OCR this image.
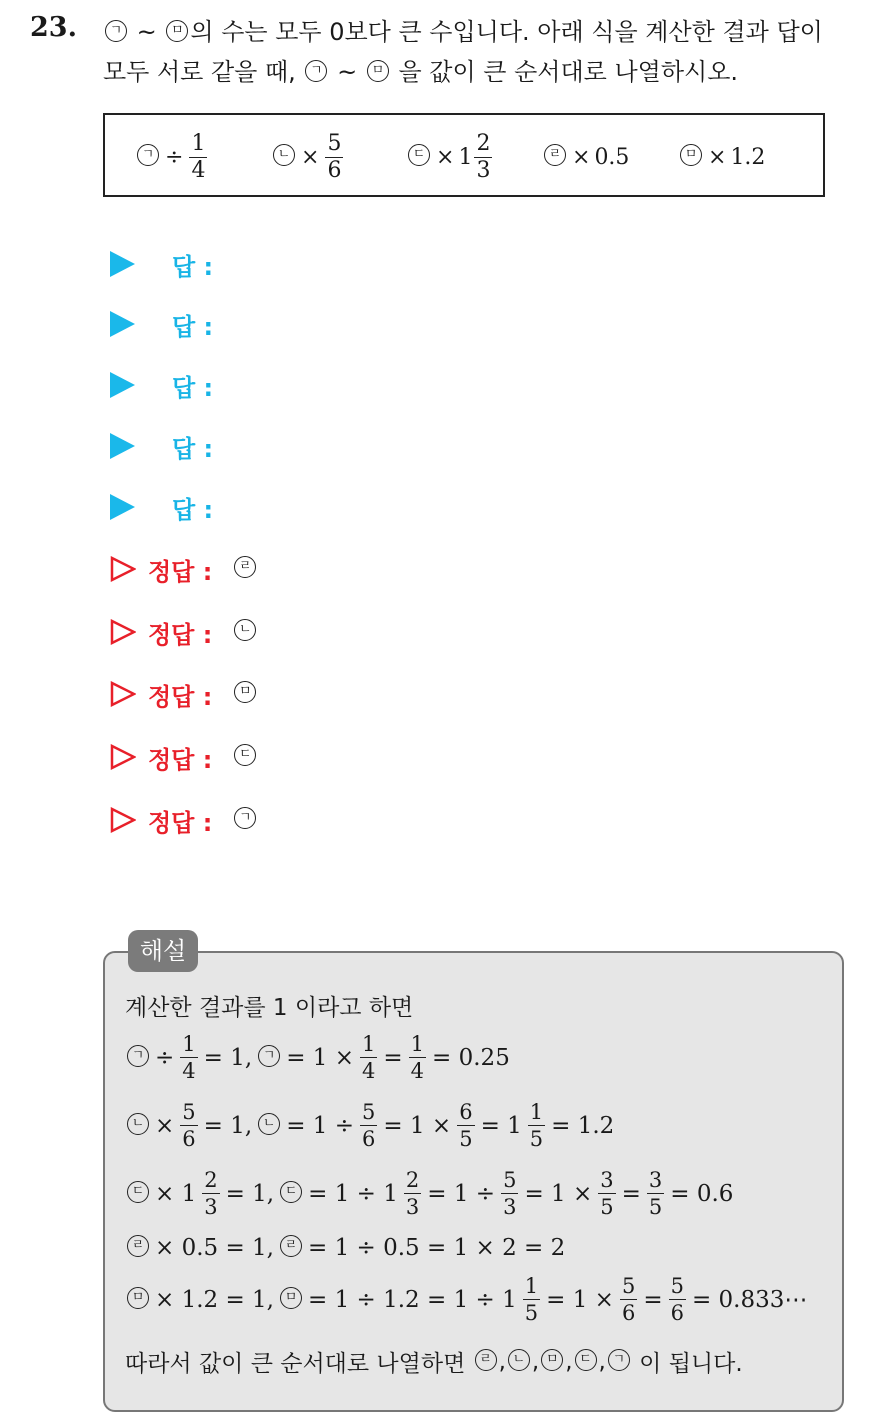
23.	ㄱ ~ ㅁ 의 수는 모두 0보다 큰 수입니다. 아래 식을 계산한 결과 답이
모두 서로 같을 때, ㄱ ~ ㅁ 을 값이 큰 순서대로 나열하시오.
ㄱ ÷ $\frac{1}{4}$	ㄴ × $\frac{5}{6}$	ㄷ × $1 \frac{2}{3}$	ㄹ × 0.5	ㅁ × 1.2
답 :
답 :
답 :
답 :
답 :
정답 :	ㄹ
정답 :	ㄴ
정답 :	ㅁ
정답 :	ㄷ
정답 :	ㄱ
해설
계산한 결과를 1 이라고 하면
ㄱ ÷ $\frac{1}{4} = 1$, ㄱ = $1 \times \frac{1}{4} = \frac{1}{4} = 0.25$
ㄴ × $\frac{5}{6} = 1$, ㄴ = $1 \div \frac{5}{6} = 1 \times \frac{6}{5} = 1 \frac{1}{5} = 1.2$
ㄷ × $1 \frac{2}{3} = 1$, ㄷ = $1 \div 1 \frac{2}{3} = 1 \div \frac{5}{3} = 1 \times \frac{3}{5} = \frac{3}{5} = 0.6$
ㄹ × 0.5 = 1, ㄹ = 1 ÷ 0.5 = 1 × 2 = 2
ㅁ × 1.2 = 1, ㅁ = $1 \div 1.2 = 1 \div 1 \frac{1}{5} = 1 \times \frac{5}{6} = \frac{5}{6}$ = 0.833⋯
따라서 값이 큰 순서대로 나열하면
	ㄹ , ㄴ , ㅁ , ㄷ , ㄱ
이 됩니다.
